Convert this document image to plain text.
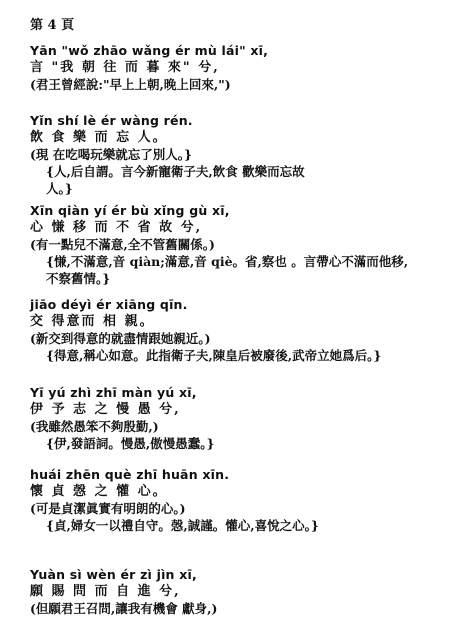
第 4 頁
Yān "wǒ zhāo wǎng ér mù lái" xī,
言 "我 朝 往 而 暮 來" 兮,
(君王曾經說:"早上上朝,晚上回來,")
Yǐn shí lè ér wàng rén.
飲 食 樂 而 忘 人。
(現 在吃喝玩樂就忘了別人。}
{人,后自謂。言今新寵衛子夫,飲食 歡樂而忘故人。}
Xīn qiàn yí ér bù xǐng gù xī,
心 慊 移 而 不 省 故 兮,
(有一點兒不滿意,全不管舊關係。)
{慊,不滿意,音 qiàn;滿意,音 qiè。省,察也 。言帶心不滿而他移,不察舊情。}
jiāo déyì ér xiāng qīn.
交 得意而 相 親。
(新交到得意的就盡情跟她親近。)
{得意,稱心如意。此指衛子夫,陳皇后被廢後,武帝立她爲后。}
Yī yú zhì zhī màn yú xī,
伊 予 志 之 慢 愚 兮,
(我雖然愚笨不夠殷勤,)
{伊,發語詞。慢愚,傲慢愚蠢。}
huái zhēn què zhī huān xīn.
懷 貞 愨 之 懽 心。
(可是貞潔眞實有明朗的心。)
{貞,婦女一以禮自守。愨,誠謹。懽心,喜悅之心。}
Yuàn sì wèn ér zì jìn xī,
願 賜 問 而 自 進 兮,
(但願君王召問,讓我有機會 獻身,)
